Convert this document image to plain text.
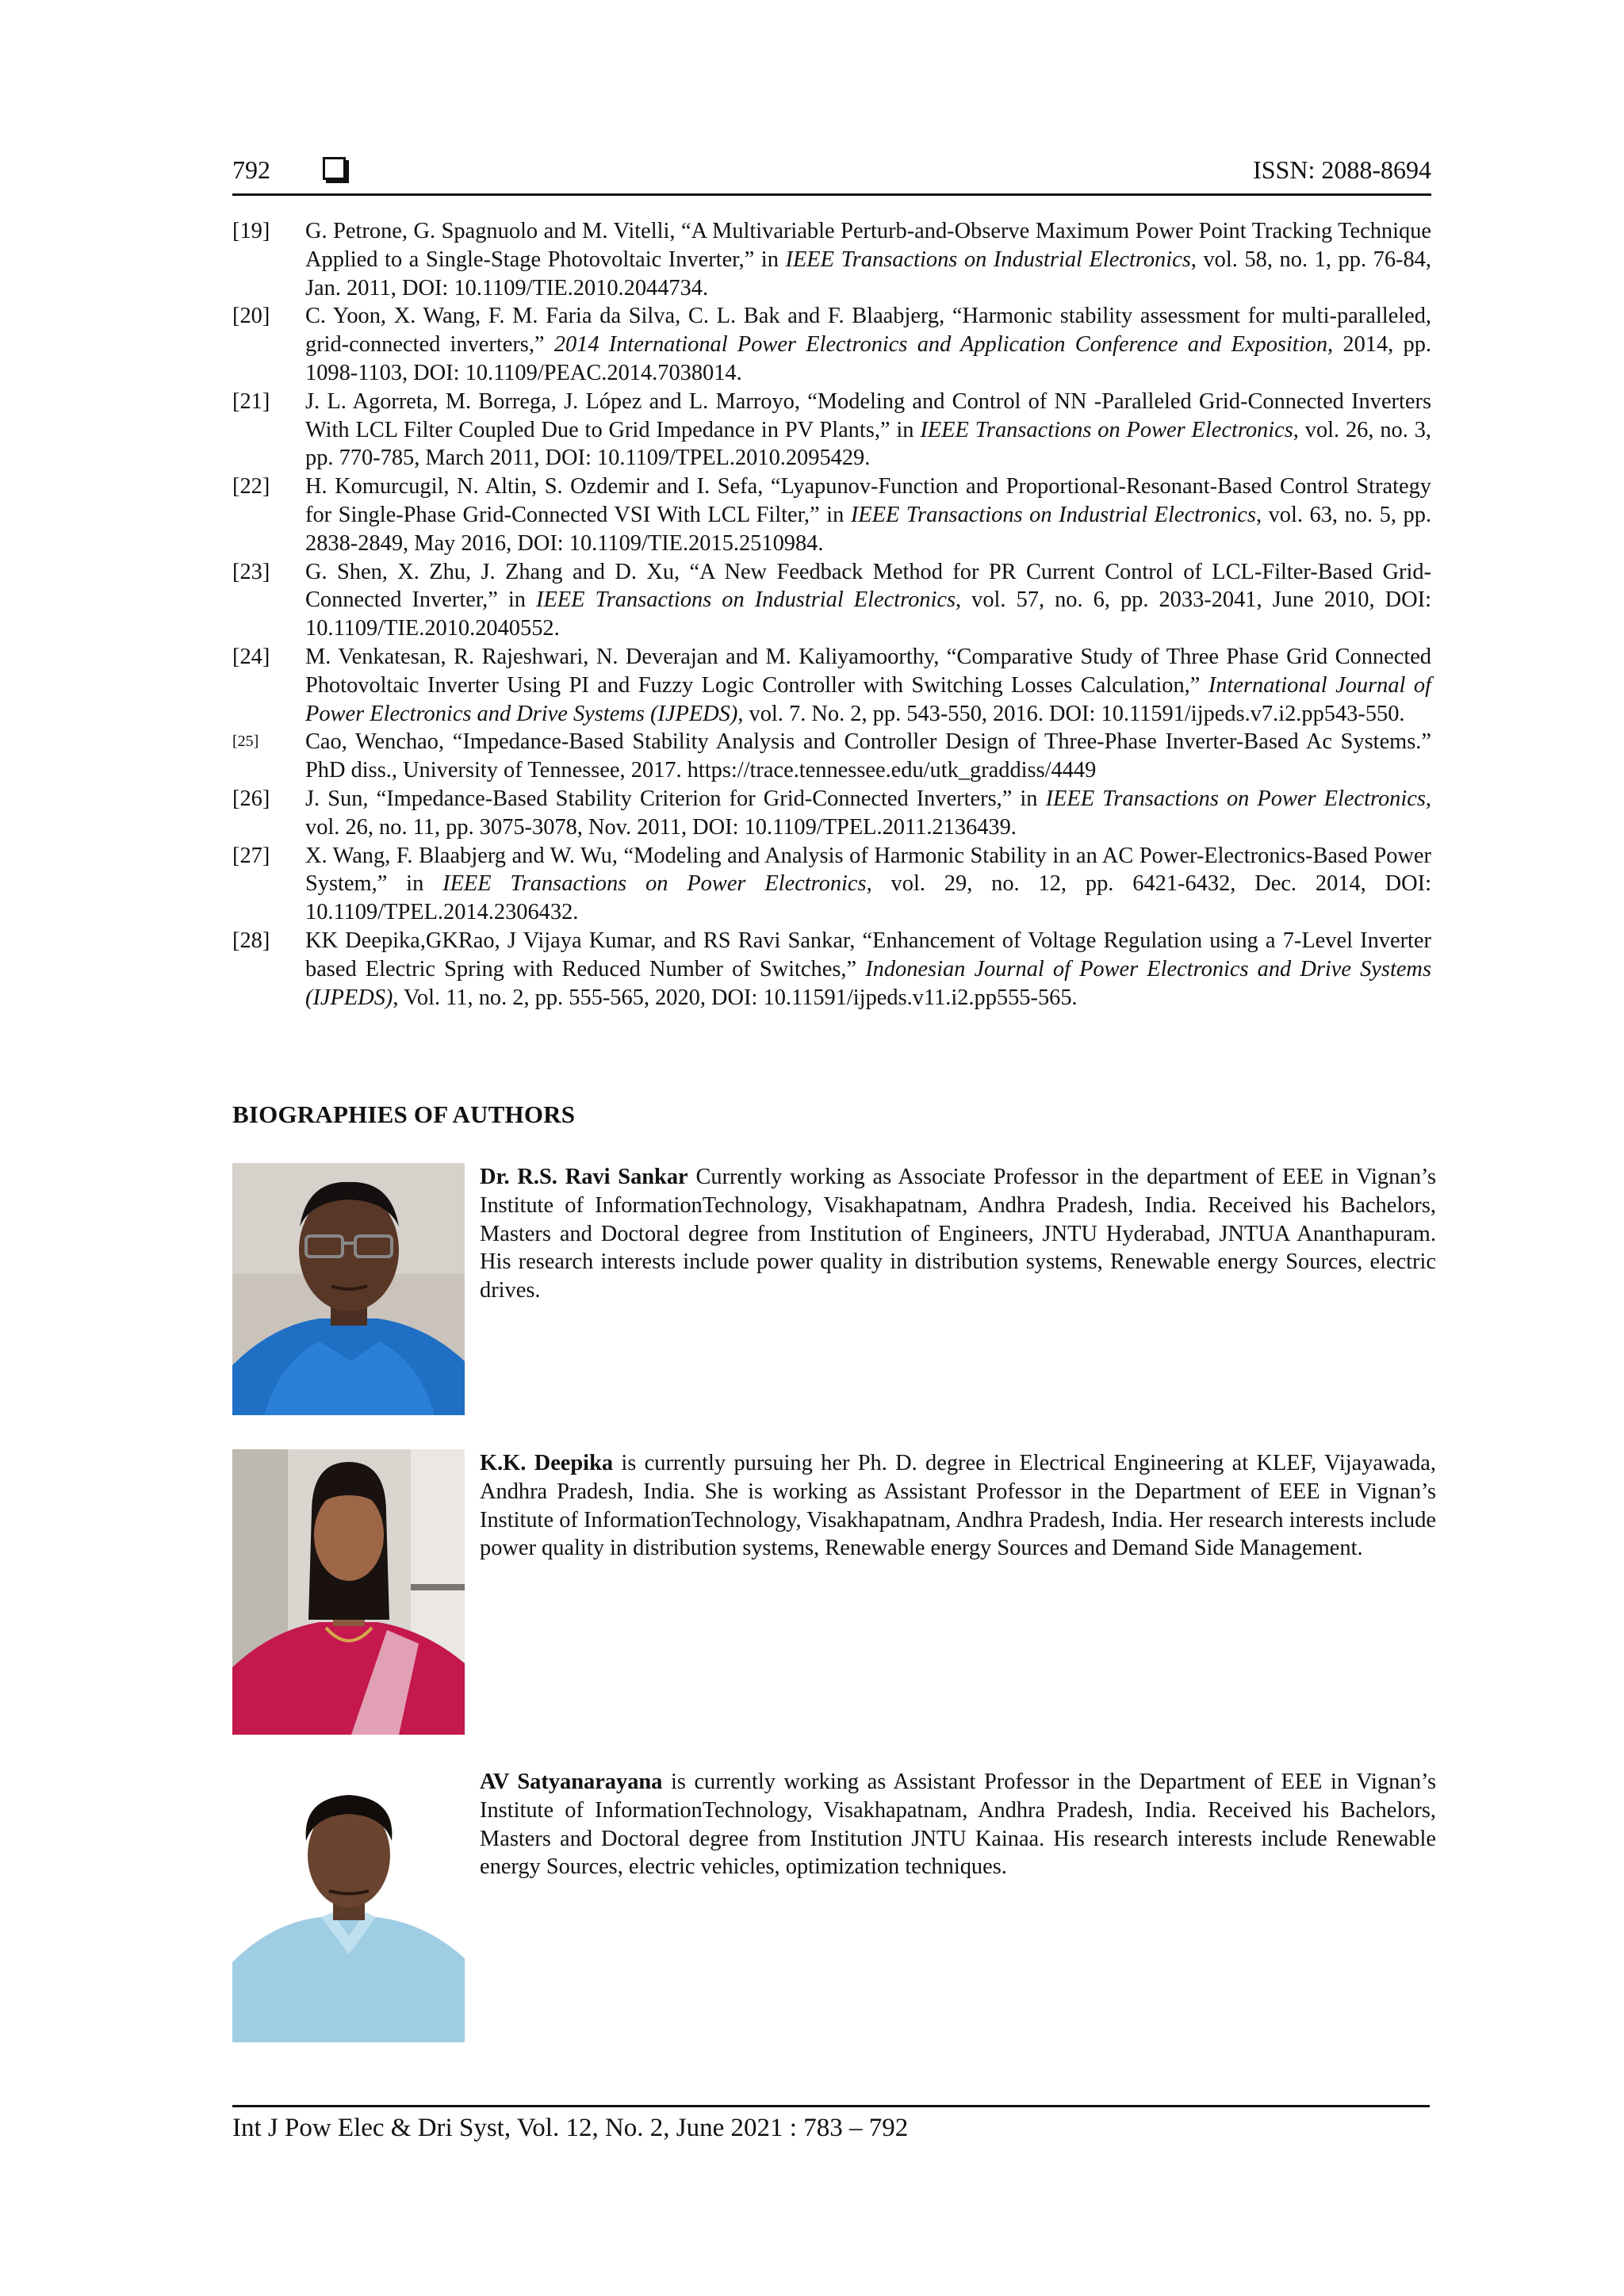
792	ISSN: 2088-8694
[19]	G. Petrone, G. Spagnuolo and M. Vitelli, “A Multivariable Perturb-and-Observe Maximum Power Point Tracking Technique Applied to a Single-Stage Photovoltaic Inverter,” in IEEE Transactions on Industrial Electronics, vol. 58, no. 1, pp. 76-84, Jan. 2011, DOI: 10.1109/TIE.2010.2044734.
[20]	C. Yoon, X. Wang, F. M. Faria da Silva, C. L. Bak and F. Blaabjerg, “Harmonic stability assessment for multi-paralleled, grid-connected inverters,” 2014 International Power Electronics and Application Conference and Exposition, 2014, pp. 1098-1103, DOI: 10.1109/PEAC.2014.7038014.
[21]	J. L. Agorreta, M. Borrega, J. López and L. Marroyo, “Modeling and Control of NN -Paralleled Grid-Connected Inverters With LCL Filter Coupled Due to Grid Impedance in PV Plants,” in IEEE Transactions on Power Electronics, vol. 26, no. 3, pp. 770-785, March 2011, DOI: 10.1109/TPEL.2010.2095429.
[22]	H. Komurcugil, N. Altin, S. Ozdemir and I. Sefa, “Lyapunov-Function and Proportional-Resonant-Based Control Strategy for Single-Phase Grid-Connected VSI With LCL Filter,” in IEEE Transactions on Industrial Electronics, vol. 63, no. 5, pp. 2838-2849, May 2016, DOI: 10.1109/TIE.2015.2510984.
[23]	G. Shen, X. Zhu, J. Zhang and D. Xu, “A New Feedback Method for PR Current Control of LCL-Filter-Based Grid-Connected Inverter,” in IEEE Transactions on Industrial Electronics, vol. 57, no. 6, pp. 2033-2041, June 2010, DOI: 10.1109/TIE.2010.2040552.
[24]	M. Venkatesan, R. Rajeshwari, N. Deverajan and M. Kaliyamoorthy, “Comparative Study of Three Phase Grid Connected Photovoltaic Inverter Using PI and Fuzzy Logic Controller with Switching Losses Calculation,” International Journal of Power Electronics and Drive Systems (IJPEDS), vol. 7. No. 2, pp. 543-550, 2016. DOI: 10.11591/ijpeds.v7.i2.pp543-550.
[25]	Cao, Wenchao, “Impedance-Based Stability Analysis and Controller Design of Three-Phase Inverter-Based Ac Systems.” PhD diss., University of Tennessee, 2017. https://trace.tennessee.edu/utk_graddiss/4449
[26]	J. Sun, “Impedance-Based Stability Criterion for Grid-Connected Inverters,” in IEEE Transactions on Power Electronics, vol. 26, no. 11, pp. 3075-3078, Nov. 2011, DOI: 10.1109/TPEL.2011.2136439.
[27]	X. Wang, F. Blaabjerg and W. Wu, “Modeling and Analysis of Harmonic Stability in an AC Power-Electronics-Based Power System,” in IEEE Transactions on Power Electronics, vol. 29, no. 12, pp. 6421-6432, Dec. 2014, DOI: 10.1109/TPEL.2014.2306432.
[28]	KK Deepika,GKRao, J Vijaya Kumar, and RS Ravi Sankar, “Enhancement of Voltage Regulation using a 7-Level Inverter based Electric Spring with Reduced Number of Switches,” Indonesian Journal of Power Electronics and Drive Systems (IJPEDS), Vol. 11, no. 2, pp. 555-565, 2020, DOI: 10.11591/ijpeds.v11.i2.pp555-565.
BIOGRAPHIES OF AUTHORS
Dr. R.S. Ravi Sankar Currently working as Associate Professor in the department of EEE in Vignan’s Institute of InformationTechnology, Visakhapatnam, Andhra Pradesh, India. Received his Bachelors, Masters and Doctoral degree from Institution of Engineers, JNTU Hyderabad, JNTUA Ananthapuram. His research interests include power quality in distribution systems, Renewable energy Sources, electric drives.
K.K. Deepika is currently pursuing her Ph. D. degree in Electrical Engineering at KLEF, Vijayawada, Andhra Pradesh, India. She is working as Assistant Professor in the Department of EEE in Vignan’s Institute of InformationTechnology, Visakhapatnam, Andhra Pradesh, India. Her research interests include power quality in distribution systems, Renewable energy Sources and Demand Side Management.
AV Satyanarayana is currently working as Assistant Professor in the Department of EEE in Vignan’s Institute of InformationTechnology, Visakhapatnam, Andhra Pradesh, India. Received his Bachelors, Masters and Doctoral degree from Institution JNTU Kainaa. His research interests include Renewable energy Sources, electric vehicles, optimization techniques.
Int J Pow Elec & Dri Syst, Vol. 12, No. 2, June 2021 : 783 – 792
